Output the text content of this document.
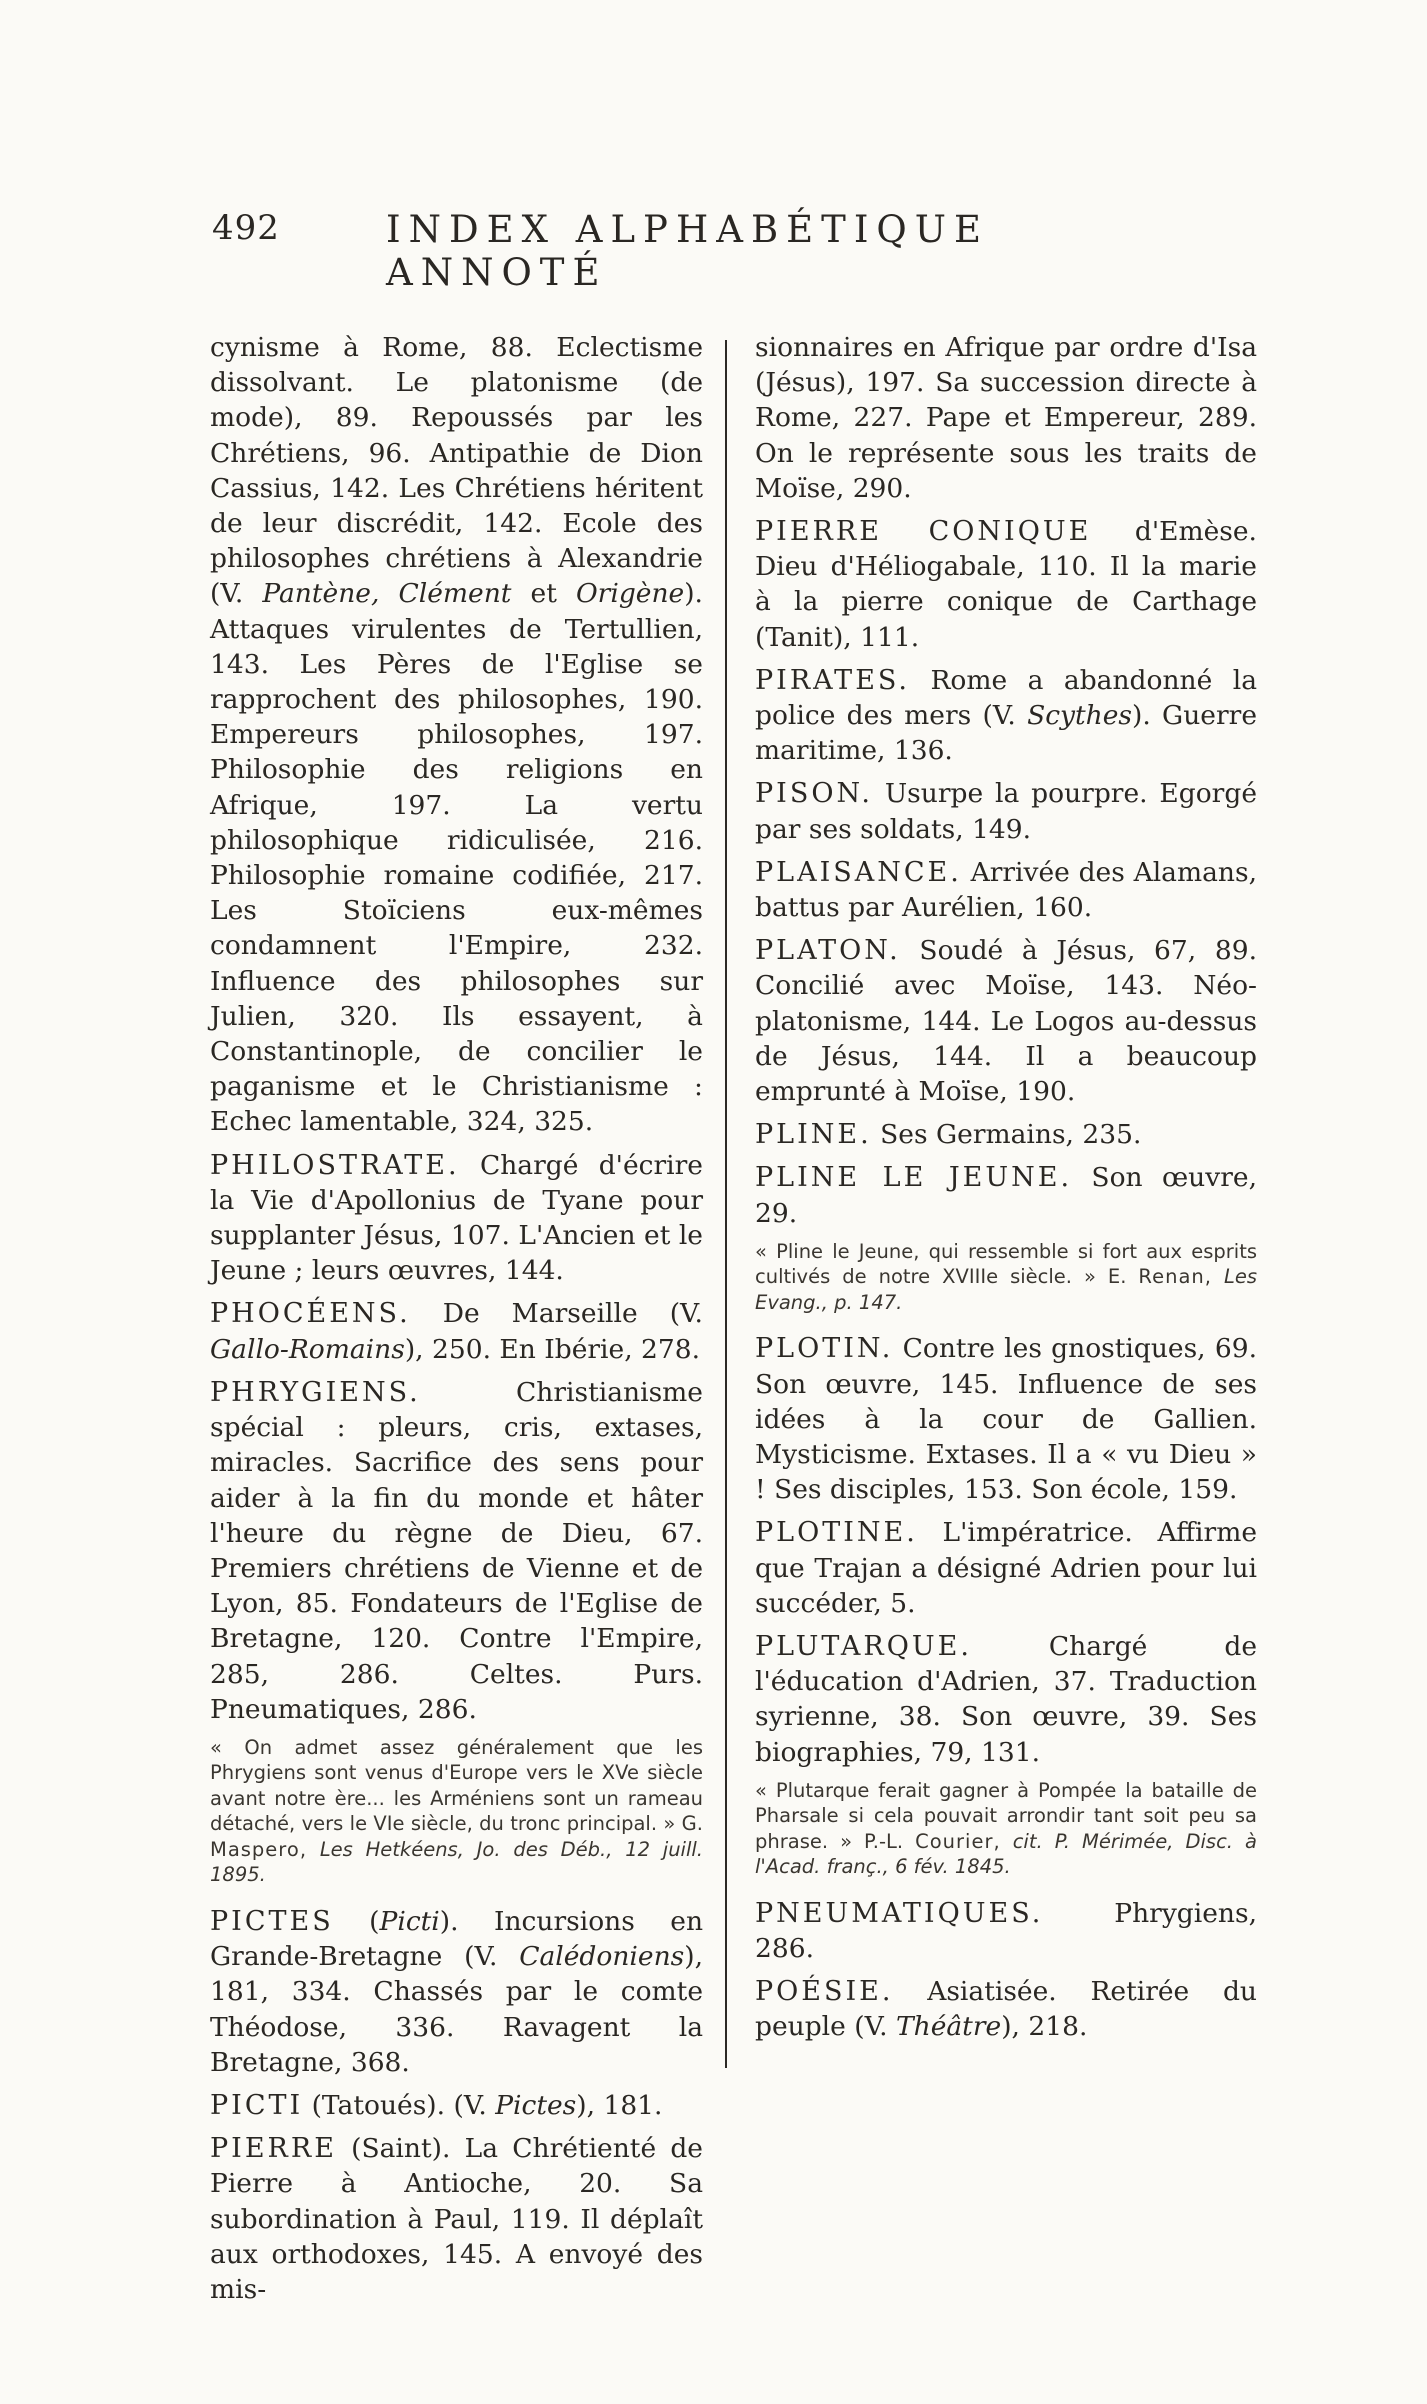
492	INDEX ALPHABÉTIQUE ANNOTÉ

cynisme à Rome, 88. Eclectisme dissolvant. Le platonisme (de mode), 89. Repoussés par les Chrétiens, 96. Antipathie de Dion Cassius, 142. Les Chrétiens héritent de leur discrédit, 142. Ecole des philosophes chrétiens à Alexandrie (V. Pantène, Clément et Origène). Attaques virulentes de Tertullien, 143. Les Pères de l'Eglise se rapprochent des philosophes, 190. Empereurs philosophes, 197. Philosophie des religions en Afrique, 197. La vertu philosophique ridiculisée, 216. Philosophie romaine codifiée, 217. Les Stoïciens eux-mêmes condamnent l'Empire, 232. Influence des philosophes sur Julien, 320. Ils essayent, à Constantinople, de concilier le paganisme et le Christianisme : Echec lamentable, 324, 325.

PHILOSTRATE. Chargé d'écrire la Vie d'Apollonius de Tyane pour supplanter Jésus, 107. L'Ancien et le Jeune ; leurs œuvres, 144.

PHOCÉENS. De Marseille (V. Gallo-Romains), 250. En Ibérie, 278.

PHRYGIENS.	Christianisme spécial : pleurs, cris, extases, miracles. Sacrifice des sens pour aider à la fin du monde et hâter l'heure du règne de Dieu, 67. Premiers chrétiens de Vienne et de Lyon, 85. Fondateurs de l'Eglise de Bretagne, 120. Contre l'Empire, 285, 286. Celtes. Purs. Pneumatiques, 286.

« On admet assez généralement que les Phrygiens sont venus d'Europe vers le XVe siècle avant notre ère... les Arméniens sont un rameau détaché, vers le VIe siècle, du tronc principal. » G. Maspero, Les Hetkéens, Jo. des Déb., 12 juill. 1895.

PICTES (Picti). Incursions en Grande-Bretagne (V. Calédoniens), 181, 334. Chassés par le comte Théodose, 336. Ravagent la Bretagne, 368.

PICTI (Tatoués). (V. Pictes), 181.

PIERRE (Saint). La Chrétienté de Pierre à Antioche, 20. Sa subordination à Paul, 119. Il déplaît aux orthodoxes, 145. A envoyé des mis-

sionnaires en Afrique par ordre d'Isa (Jésus), 197. Sa succession directe à Rome, 227. Pape et Empereur, 289. On le représente sous les traits de Moïse, 290.

PIERRE CONIQUE d'Emèse. Dieu d'Héliogabale, 110. Il la marie à la pierre conique de Carthage (Tanit), 111.

PIRATES. Rome a abandonné la police des mers (V. Scythes). Guerre maritime, 136.

PISON. Usurpe la pourpre. Egorgé par ses soldats, 149.

PLAISANCE. Arrivée des Alamans, battus par Aurélien, 160.

PLATON. Soudé à Jésus, 67, 89. Concilié avec Moïse, 143. Néo-platonisme, 144. Le Logos au-dessus de Jésus, 144. Il a beaucoup emprunté à Moïse, 190.

PLINE. Ses Germains, 235.

PLINE LE JEUNE. Son œuvre, 29.

« Pline le Jeune, qui ressemble si fort aux esprits cultivés de notre XVIIIe siècle. » E. Renan, Les Evang., p. 147.

PLOTIN. Contre les gnostiques, 69. Son œuvre, 145. Influence de ses idées à la cour de Gallien. Mysticisme. Extases. Il a « vu Dieu » ! Ses disciples, 153. Son école, 159.

PLOTINE. L'impératrice. Affirme que Trajan a désigné Adrien pour lui succéder, 5.

PLUTARQUE. Chargé de l'éducation d'Adrien, 37. Traduction syrienne, 38. Son œuvre, 39. Ses biographies, 79, 131.

« Plutarque ferait gagner à Pompée la bataille de Pharsale si cela pouvait arrondir tant soit peu sa phrase. » P.-L. Courier, cit. P. Mérimée, Disc. à l'Acad. franç., 6 fév. 1845.

PNEUMATIQUES. Phrygiens, 286.

POÉSIE. Asiatisée. Retirée du peuple (V. Théâtre), 218.
